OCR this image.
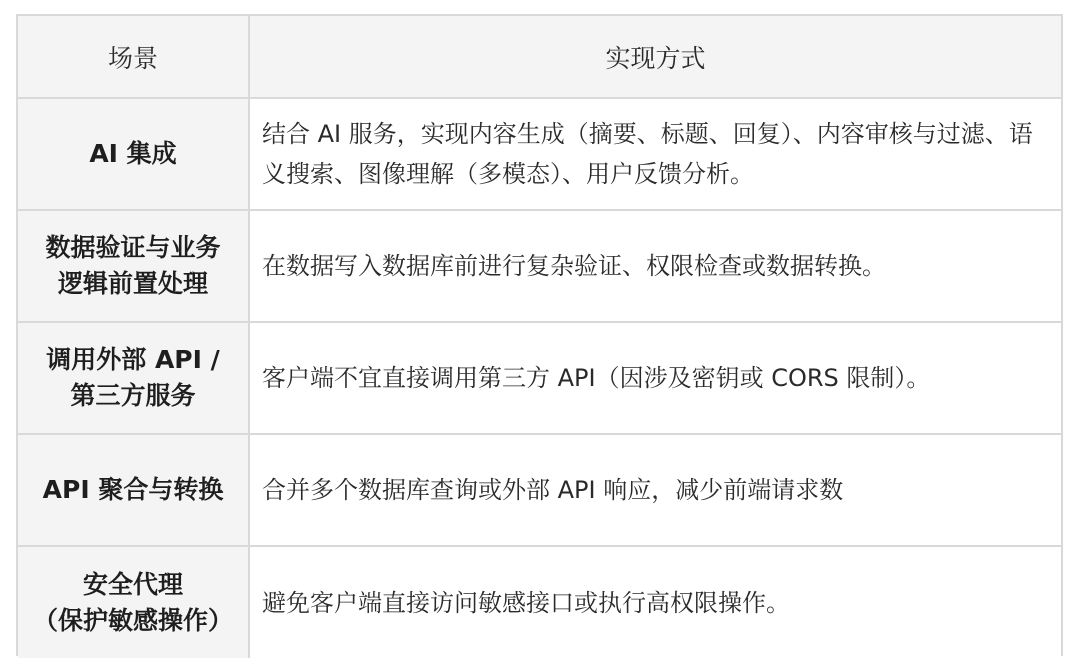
场景	实现方式

AI 集成	结合 AI 服务，实现内容生成（摘要、标题、回复）、内容审核与过滤、语义搜索、图像理解（多模态）、用户反馈分析。

数据验证与业务
逻辑前置处理	在数据写入数据库前进行复杂验证、权限检查或数据转换。

调用外部 API /
第三方服务	客户端不宜直接调用第三方 API（因涉及密钥或 CORS 限制）。

API 聚合与转换	合并多个数据库查询或外部 API 响应，减少前端请求数

安全代理
（保护敏感操作）	避免客户端直接访问敏感接口或执行高权限操作。
